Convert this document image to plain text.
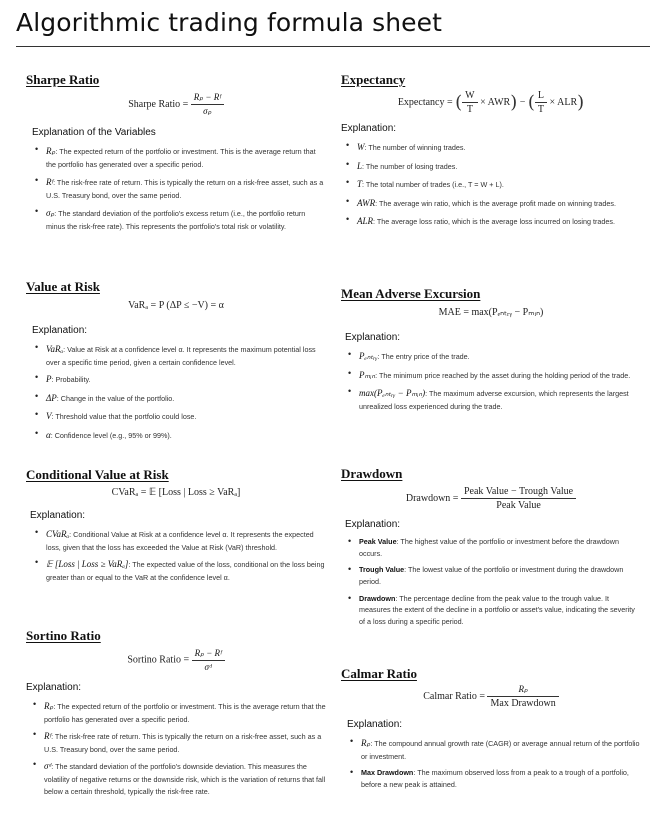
Algorithmic trading formula sheet
Sharpe Ratio
Sharpe Ratio = $\frac{\text{Rₚ − Rᶠ}}{\text{σₚ}}$
Explanation of the Variables
• Rₚ: The expected return of the portfolio or investment. This is the average return that the portfolio has generated over a specific period.
• Rᶠ: The risk-free rate of return. This is typically the return on a risk-free asset, such as a U.S. Treasury bond, over the same period.
• σₚ: The standard deviation of the portfolio's excess return (i.e., the portfolio return minus the risk-free rate). This represents the portfolio's total risk or volatility.
Value at Risk
VaRₐ = P (ΔP ≤ −V) = α
Explanation:
• VaRₐ: Value at Risk at a confidence level α. It represents the maximum potential loss over a specific time period, given a certain confidence level.
• P: Probability.
• ΔP: Change in the value of the portfolio.
• V: Threshold value that the portfolio could lose.
• α: Confidence level (e.g., 95% or 99%).
Conditional Value at Risk
CVaRₐ = 𝔼 [Loss | Loss ≥ VaRₐ]
Explanation:
• CVaRₐ: Conditional Value at Risk at a confidence level α. It represents the expected loss, given that the loss has exceeded the Value at Risk (VaR) threshold.
• 𝔼 [Loss | Loss ≥ VaRₐ]: The expected value of the loss, conditional on the loss being greater than or equal to the VaR at the confidence level α.
Sortino Ratio
Sortino Ratio = $\frac{\text{Rₚ − Rᶠ}}{\text{σᵈ}}$
Explanation:
• Rₚ: The expected return of the portfolio or investment. This is the average return that the portfolio has generated over a specific period.
• Rᶠ: The risk-free rate of return. This is typically the return on a risk-free asset, such as a U.S. Treasury bond, over the same period.
• σᵈ: The standard deviation of the portfolio's downside deviation. This measures the volatility of negative returns or the downside risk, which is the variation of returns that fall below a certain threshold, typically the risk-free rate.
Expectancy
Expectancy = ( $\frac{W}{T} \times AWR$) − ( $\frac{L}{T} \times ALR$)
Explanation:
• W: The number of winning trades.
• L: The number of losing trades.
• T: The total number of trades (i.e., T = W + L).
• AWR: The average win ratio, which is the average profit made on winning trades.
• ALR: The average loss ratio, which is the average loss incurred on losing trades.
Mean Adverse Excursion
MAE = max(Pₑₙₜᵣᵧ − Pₘᵢₙ)
Explanation:
• Pₑₙₜᵣᵧ: The entry price of the trade.
• Pₘᵢₙ: The minimum price reached by the asset during the holding period of the trade.
• max(Pₑₙₜᵣᵧ − Pₘᵢₙ): The maximum adverse excursion, which represents the largest unrealized loss experienced during the trade.
Drawdown
Drawdown = $\frac{\text{Peak Value − Trough Value}}{\text{Peak Value}}$
Explanation:
• Peak Value: The highest value of the portfolio or investment before the drawdown occurs.
• Trough Value: The lowest value of the portfolio or investment during the drawdown period.
• Drawdown: The percentage decline from the peak value to the trough value. It measures the extent of the decline in a portfolio or asset's value, indicating the severity of a loss during a specific period.
Calmar Ratio
Calmar Ratio = $\frac{\text{Rₚ}}{\text{Max Drawdown}}$
Explanation:
• Rₚ: The compound annual growth rate (CAGR) or average annual return of the portfolio or investment.
• Max Drawdown: The maximum observed loss from a peak to a trough of a portfolio, before a new peak is attained.
